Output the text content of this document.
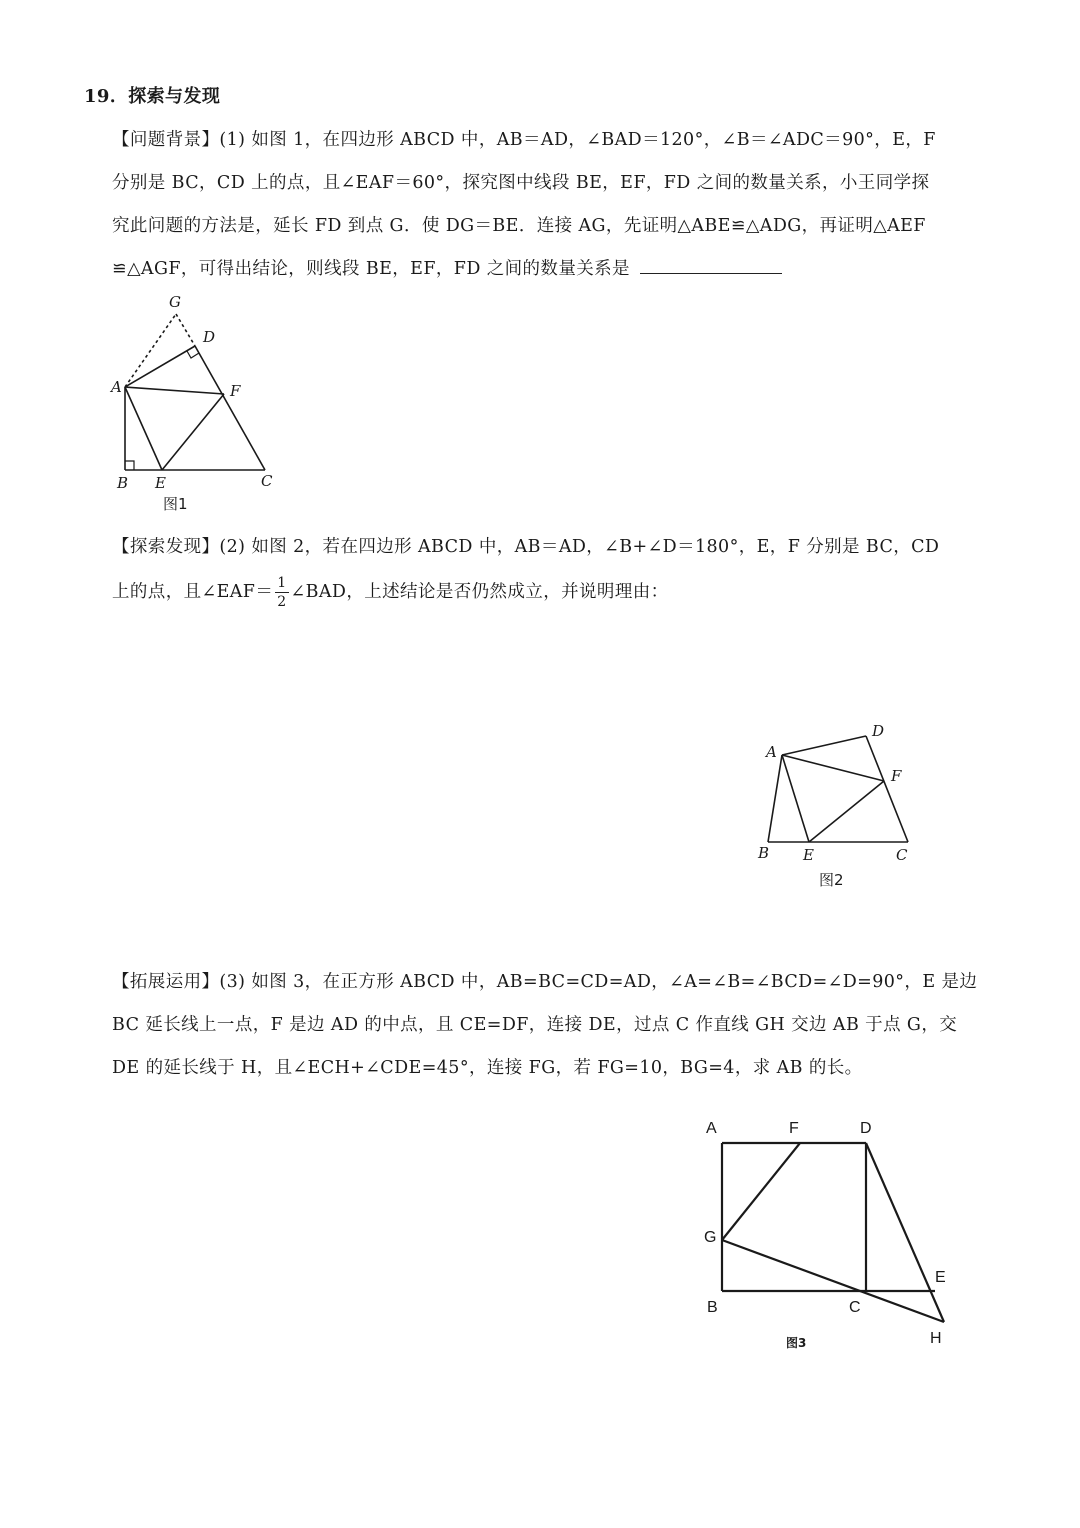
19．探索与发现
【问题背景】(1) 如图 1，在四边形 ABCD 中，AB＝AD，∠BAD＝120°，∠B＝∠ADC＝90°，E，F
分别是 BC，CD 上的点，且∠EAF＝60°，探究图中线段 BE，EF，FD 之间的数量关系，小王同学探
究此问题的方法是，延长 FD 到点 G．使 DG＝BE．连接 AG，先证明△ABE≌△ADG，再证明△AEF
≌△AGF，可得出结论，则线段 BE，EF，FD 之间的数量关系是
【探索发现】(2) 如图 2，若在四边形 ABCD 中，AB＝AD，∠B+∠D＝180°，E，F 分别是 BC，CD
上的点，且∠EAF＝ $\frac{1}{2}$ ∠BAD，上述结论是否仍然成立，并说明理由：
【拓展运用】(3) 如图 3，在正方形 ABCD 中，AB=BC=CD=AD，∠A=∠B=∠BCD=∠D=90°，E 是边
BC 延长线上一点，F 是边 AD 的中点，且 CE=DF，连接 DE，过点 C 作直线 GH 交边 AB 于点 G，交
DE 的延长线于 H，且∠ECH+∠CDE=45°，连接 FG，若 FG=10，BG=4，求 AB 的长。
G
D
A	F
B E	C
图1
A
D
F
B E	C
图2
A	F	D
G
E
B	C
H
图3
